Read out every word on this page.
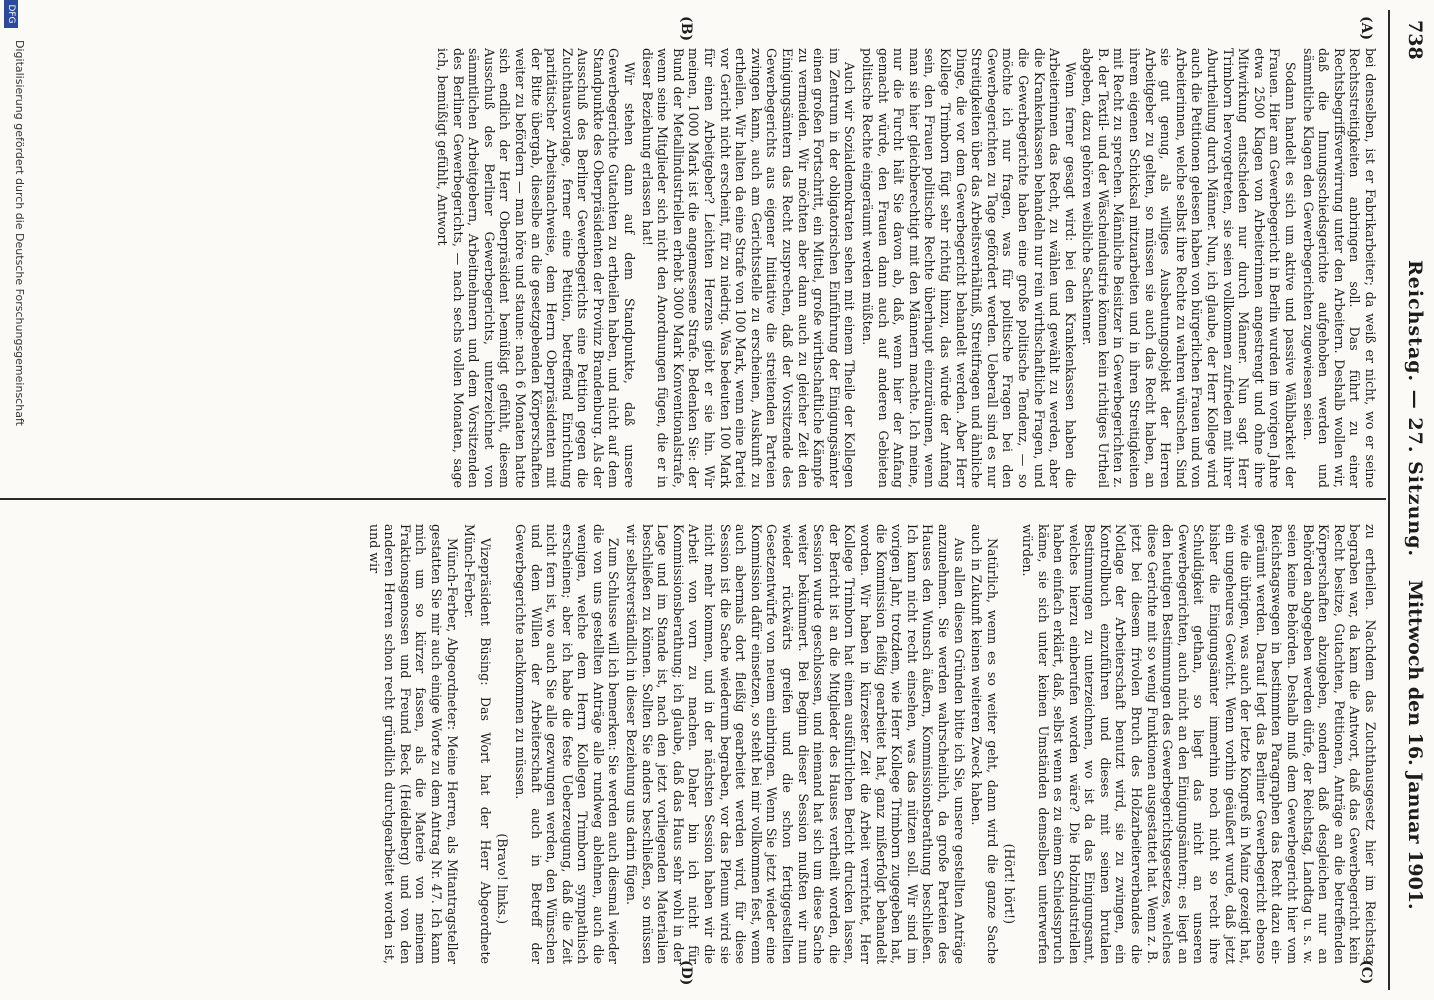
738
Reichstag. — 27. Sitzung.
Mittwoch den 16. Januar 1901.
(A)
(B)
(C)
(D)

bei denselben, ist er Fabrikarbeiter; da weiß er nicht, wo er seine Rechtsstreitigkeiten anbringen soll. Das führt zu einer Rechtsbegriffsverwirrung unter den Arbeitern. Deshalb wollen wir, daß die Innungsschiedsgerichte aufgehoben werden und sämmtliche Klagen den Gewerbegerichten zugewiesen seien.

Sodann handelt es sich um aktive und passive Wählbarkeit der Frauen. Hier am Gewerbegericht in Berlin wurden im vorigen Jahre etwa 2500 Klagen von Arbeiterinnen angestrengt und ohne ihre Mitwirkung entschieden nur durch Männer. Nun sagt Herr Trimborn hervorgetreten, sie seien vollkommen zufrieden mit ihrer Aburtheilung durch Männer. Nun, ich glaube, der Herr Kollege wird auch die Petitionen gelesen haben von bürgerlichen Frauen und von Arbeiterinnen, welche selbst ihre Rechte zu wahren wünschen. Sind sie gut genug, als williges Ausbeutungsobjekt der Herren Arbeitgeber zu gelten, so müssen sie auch das Recht haben, an ihrem eigenen Schicksal mitzuarbeiten und in ihren Streitigkeiten mit Recht zu sprechen. Männliche Beisitzer in Gewerbegerichten z. B. der Textil- und der Wäscheindustrie können kein richtiges Urtheil abgeben, dazu gehören weibliche Sachkenner.

Wenn ferner gesagt wird: bei den Krankenkassen haben die Arbeiterinnen das Recht, zu wählen und gewählt zu werden, aber die Krankenkassen behandeln nur rein wirthschaftliche Fragen, und die Gewerbegerichte haben eine große politische Tendenz, — so möchte ich nur fragen, was für politische Fragen bei den Gewerbegerichten zu Tage gefördert werden. Ueberall sind es nur Streitigkeiten über das Arbeitsverhältniß, Streitfragen und ähnliche Dinge, die vor dem Gewerbegericht behandelt werden. Aber Herr Kollege Trimborn fügt sehr richtig hinzu, das würde der Anfang sein, den Frauen politische Rechte überhaupt einzuräumen, wenn man sie hier gleichberechtigt mit den Männern machte. Ich meine, nur die Furcht hält Sie davon ab, daß, wenn hier der Anfang gemacht würde, den Frauen dann auch auf anderen Gebieten politische Rechte eingeräumt werden müßten.

Auch wir Sozialdemokraten sehen mit einem Theile der Kollegen im Zentrum in der obligatorischen Einführung der Einigungsämter einen großen Fortschritt, ein Mittel, große wirthschaftliche Kämpfe zu vermeiden. Wir möchten aber dann auch zu gleicher Zeit den Einigungsämtern das Recht zusprechen, daß der Vorsitzende des Gewerbegerichts aus eigener Initiative die streitenden Parteien zwingen kann, auch am Gerichtsstelle zu erscheinen, Auskunft zu ertheilen. Wir halten da eine Strafe von 100 Mark, wenn eine Partei vor Gericht nicht erscheint, für zu niedrig. Was bedeuten 100 Mark für einen Arbeitgeber? Leichten Herzens giebt er sie hin. Wir meinen, 1000 Mark ist die angemessene Strafe. Bedenken Sie: der Bund der Metallindustriellen erhebt 3000 Mark Konventionalstrafe, wenn seine Mitglieder sich nicht den Anordnungen fügen, die er in dieser Beziehung erlassen hat!

Wir stehen dann auf dem Standpunkte, daß unsere Gewerbegerichte Gutachten zu ertheilen haben, und nicht auf dem Standpunkte des Oberpräsidenten der Provinz Brandenburg. Als der Ausschuß des Berliner Gewerbegerichts eine Petition gegen die Zuchthausvorlage, ferner eine Petition, betreffend Einrichtung paritätischer Arbeitsnachweise, dem Herrn Oberpräsidenten mit der Bitte übergab, dieselbe an die gesetzgebenden Körperschaften weiter zu befördern — man höre und staune: nach 6 Monaten hatte sich endlich der Herr Oberpräsident bemüßigt gefühlt, diesem Ausschuß des Berliner Gewerbegerichts, unterzeichnet von sämmtlichen Arbeitgebern, Arbeitnehmern und dem Vorsitzenden des Berliner Gewerbegerichts, — nach sechs vollen Monaten, sage ich, bemüßigt gefühlt, Antwort

zu ertheilen. Nachdem das Zuchthausgesetz hier im Reichstag begraben war, da kam die Antwort, daß das Gewerbegericht kein Recht besitze, Gutachten, Petitionen, Anträge an die betreffenden Körperschaften abzugeben, sondern daß desgleichen nur an Behörden abgegeben werden dürfe, der Reichstag, Landtag u. s. w. seien keine Behörden. Deshalb muß dem Gewerbegericht hier vom Reichstagswegen in bestimmten Paragraphen das Recht dazu eingeräumt werden. Darauf legt das Berliner Gewerbegericht ebenso wie die übrigen, was auch der letzte Kongreß in Mainz gezeigt hat, ein ungeheures Gewicht. Wenn vorhin geäußert wurde, daß jetzt bisher die Einigungsämter immerhin noch nicht so recht ihre Schuldigkeit gethan, so liegt das nicht an unseren Gewerbegerichten, auch nicht an den Einigungsämtern; es liegt an den heutigen Bestimmungen des Gewerbegerichtsgesetzes, welches diese Gerichte mit so wenig Funktionen ausgestattet hat. Wenn z. B. jetzt bei diesem frivolen Bruch des Holzarbeiterverbandes die Notlage der Arbeiterschaft benutzt wird, sie zu zwingen, ein Kontrollbuch einzuführen und dieses mit seinen brutalen Bestimmungen zu unterzeichnen, wo ist da das Einigungsamt, welches hierzu einberufen worden wäre? Die Holzindustriellen haben einfach erklärt, daß, selbst wenn es zu einem Schiedsspruch käme, sie sich unter keinen Umständen demselben unterwerfen würden.

(Hört! hört!)

Natürlich, wenn es so weiter geht, dann wird die ganze Sache auch in Zukunft keinen weiteren Zweck haben.

Aus allen diesen Gründen bitte ich Sie, unsere gestellten Anträge anzunehmen. Sie werden wahrscheinlich, da große Parteien des Hauses den Wunsch äußern, Kommissionsberathung beschließen. Ich kann nicht recht einsehen, was das nützen soll. Wir sind im vorigen Jahr, trotzdem, wie Herr Kollege Trimborn zugegeben hat, die Kommission fleißig gearbeitet hat, ganz mißerfolgt behandelt worden. Wir haben in kürzester Zeit die Arbeit verrichtet, Herr Kollege Trimborn hat einen ausführlichen Bericht drucken lassen, der Bericht ist an die Mitglieder des Hauses vertheilt worden, die Session wurde geschlossen, und niemand hat sich um diese Sache weiter bekümmert. Bei Beginn dieser Session mußten wir nun wieder rückwärts greifen und die schon fertiggestellten Gesetzentwürfe von neuem einbringen. Wenn Sie jetzt wieder eine Kommission dafür einsetzen, so steht bei mir vollkommen fest, wenn auch abermals dort fleißig gearbeitet werden wird, für diese Session ist die Sache wiederum begraben, vor das Plenum wird sie nicht mehr kommen, und in der nächsten Session haben wir die Arbeit von vorn zu machen. Daher bin ich nicht für Kommissionsberathung; ich glaube, daß das Haus sehr wohl in der Lage und im Stande ist, nach den jetzt vorliegenden Materialien beschließen zu können. Sollten Sie anders beschließen, so müssen wir selbstverständlich in dieser Beziehung uns darin fügen.

Zum Schlusse will ich bemerken: Sie werden auch diesmal wieder die von uns gestellten Anträge alle rundweg ablehnen, auch die wenigen, welche dem Herrn Kollegen Trimborn sympathisch erscheinen; aber ich habe die feste Ueberzeugung, daß die Zeit nicht fern ist, wo auch Sie alle gezwungen werden, den Wünschen und dem Willen der Arbeiterschaft auch in Betreff der Gewerbegerichte nachkommen zu müssen.

(Bravo! links.)

Vizepräsident Büsing: Das Wort hat der Herr Abgeordnete Münch-Ferber.

Münch-Ferber, Abgeordneter: Meine Herren, als Mitantragsteller gestatten Sie mir auch einige Worte zu dem Antrag Nr. 47. Ich kann mich um so kürzer fassen, als die Materie von meinem Fraktionsgenossen und Freund Beck (Heidelberg) und von den anderen Herren schon recht gründlich durchgearbeitet worden ist, und wir

Digitalisierung gefördert durch die Deutsche Forschungsgemeinschaft
DFG
